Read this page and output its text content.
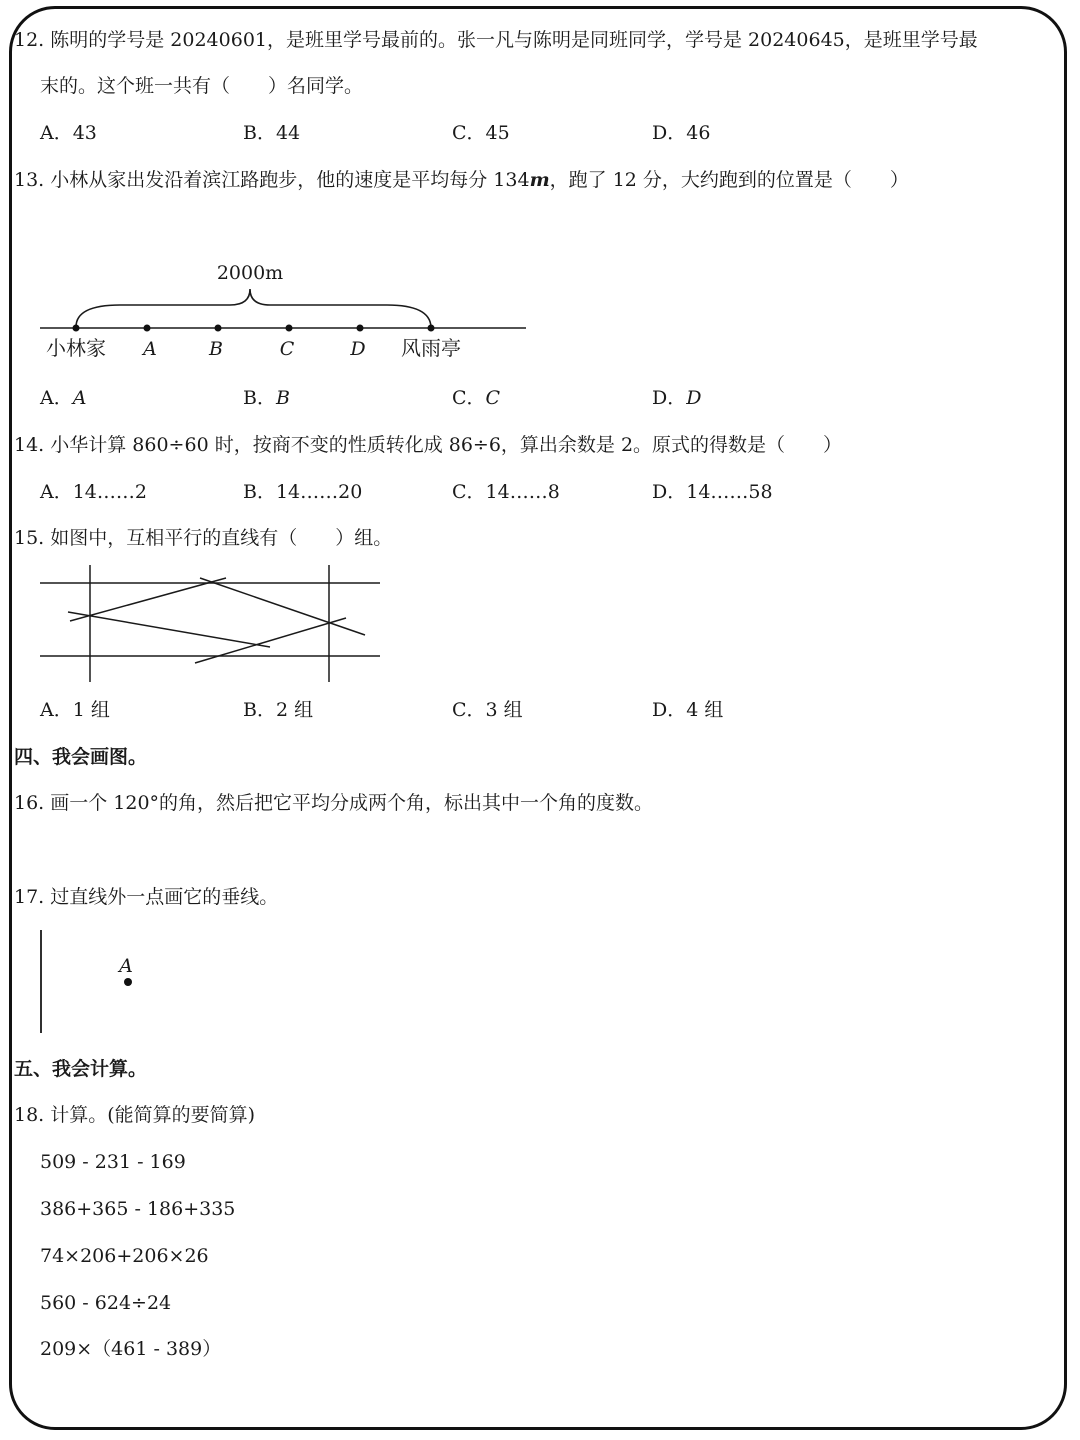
12. 陈明的学号是 20240601，是班里学号最前的。张一凡与陈明是同班同学，学号是 20240645，是班里学号最
末的。这个班一共有（　　）名同学。
A．43	B．44	C．45	D．46
13. 小林从家出发沿着滨江路跑步，他的速度是平均每分 134m，跑了 12 分，大约跑到的位置是（　　）
2000m
小林家 A	B	C	D 风雨亭
A．A	B．B	C．C	D．D
14. 小华计算 860÷60 时，按商不变的性质转化成 86÷6，算出余数是 2。原式的得数是（　　）
A．14……2	B．14……20	C．14……8	D．14……58
15. 如图中，互相平行的直线有（　　）组。
A．1 组	B．2 组	C．3 组	D．4 组
四、我会画图。
16. 画一个 120°的角，然后把它平均分成两个角，标出其中一个角的度数。
17. 过直线外一点画它的垂线。
A
五、我会计算。
18. 计算。(能简算的要简算)
509 - 231 - 169
386+365 - 186+335
74×206+206×26
560 - 624÷24
209×（461 - 389）
